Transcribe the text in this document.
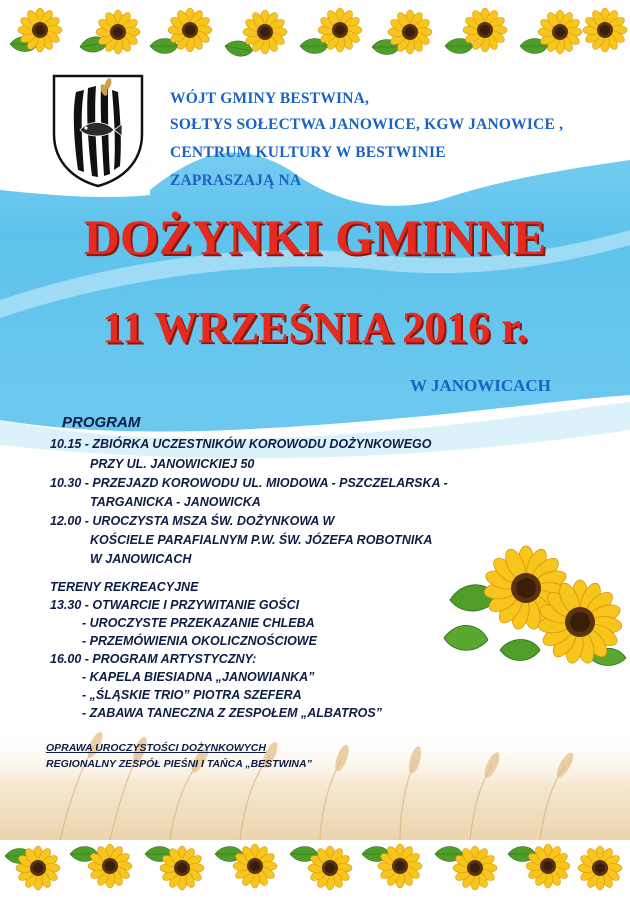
WÓJT GMINY BESTWINA,
SOŁTYS SOŁECTWA JANOWICE, KGW JANOWICE ,
CENTRUM KULTURY W BESTWINIE
ZAPRASZAJĄ NA
DOŻYNKI GMINNE
11 WRZEŚNIA 2016 r.
W JANOWICACH
PROGRAM
10.15 - ZBIÓRKA UCZESTNIKÓW KOROWODU DOŻYNKOWEGO
PRZY UL. JANOWICKIEJ 50
10.30 - PRZEJAZD KOROWODU UL. MIODOWA - PSZCZELARSKA -
TARGANICKA - JANOWICKA
12.00 - UROCZYSTA MSZA ŚW. DOŻYNKOWA W
KOŚCIELE PARAFIALNYM P.W. ŚW. JÓZEFA ROBOTNIKA
W JANOWICACH
TERENY REKREACYJNE
13.30 - OTWARCIE I PRZYWITANIE GOŚCI
- UROCZYSTE PRZEKAZANIE CHLEBA
- PRZEMÓWIENIA OKOLICZNOŚCIOWE
16.00 - PROGRAM ARTYSTYCZNY:
- KAPELA BIESIADNA „JANOWIANKA”
- „ŚLĄSKIE TRIO” PIOTRA SZEFERA
- ZABAWA TANECZNA Z ZESPOŁEM „ALBATROS”
OPRAWA UROCZYSTOŚCI DOŻYNKOWYCH
REGIONALNY ZESPÓŁ PIEŚNI I TAŃCA „BESTWINA”
